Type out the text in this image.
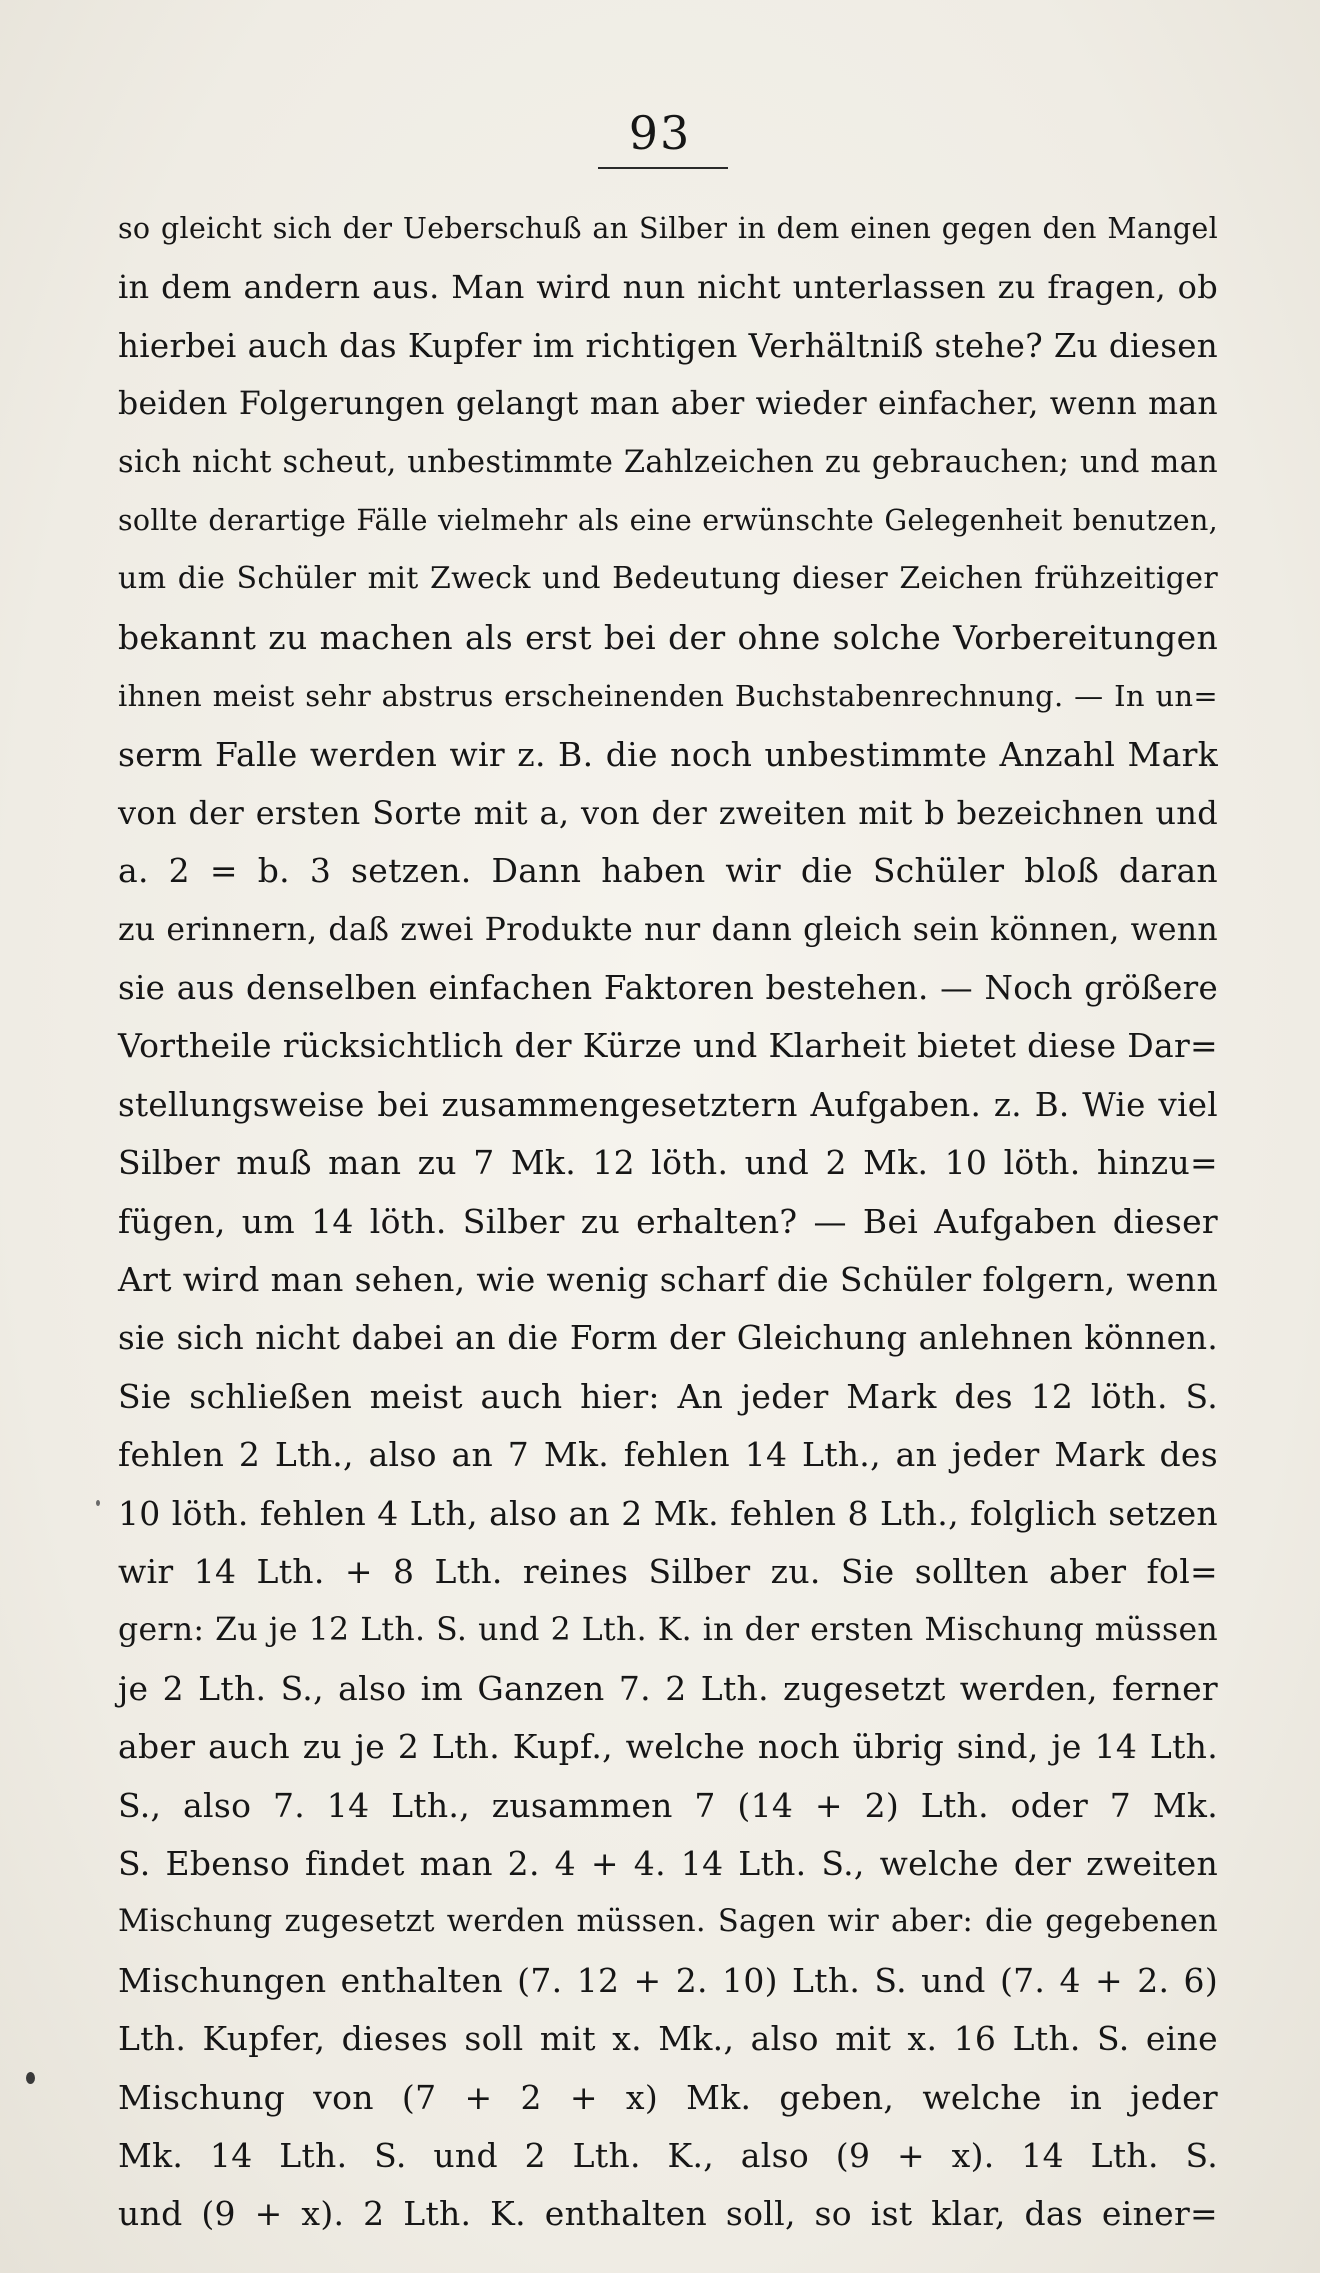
93
so gleicht sich der Ueberschuß an Silber in dem einen gegen den Mangel
in dem andern aus. Man wird nun nicht unterlassen zu fragen, ob
hierbei auch das Kupfer im richtigen Verhältniß stehe? Zu diesen
beiden Folgerungen gelangt man aber wieder einfacher, wenn man
sich nicht scheut, unbestimmte Zahlzeichen zu gebrauchen; und man
sollte derartige Fälle vielmehr als eine erwünschte Gelegenheit benutzen,
um die Schüler mit Zweck und Bedeutung dieser Zeichen frühzeitiger
bekannt zu machen als erst bei der ohne solche Vorbereitungen
ihnen meist sehr abstrus erscheinenden Buchstabenrechnung. — In un=
serm Falle werden wir z. B. die noch unbestimmte Anzahl Mark
von der ersten Sorte mit a, von der zweiten mit b bezeichnen und
a. 2 = b. 3 setzen. Dann haben wir die Schüler bloß daran
zu erinnern, daß zwei Produkte nur dann gleich sein können, wenn
sie aus denselben einfachen Faktoren bestehen. — Noch größere
Vortheile rücksichtlich der Kürze und Klarheit bietet diese Dar=
stellungsweise bei zusammengesetztern Aufgaben. z. B. Wie viel
Silber muß man zu 7 Mk. 12 löth. und 2 Mk. 10 löth. hinzu=
fügen, um 14 löth. Silber zu erhalten? — Bei Aufgaben dieser
Art wird man sehen, wie wenig scharf die Schüler folgern, wenn
sie sich nicht dabei an die Form der Gleichung anlehnen können.
Sie schließen meist auch hier: An jeder Mark des 12 löth. S.
fehlen 2 Lth., also an 7 Mk. fehlen 14 Lth., an jeder Mark des
10 löth. fehlen 4 Lth, also an 2 Mk. fehlen 8 Lth., folglich setzen
wir 14 Lth. + 8 Lth. reines Silber zu. Sie sollten aber fol=
gern: Zu je 12 Lth. S. und 2 Lth. K. in der ersten Mischung müssen
je 2 Lth. S., also im Ganzen 7. 2 Lth. zugesetzt werden, ferner
aber auch zu je 2 Lth. Kupf., welche noch übrig sind, je 14 Lth.
S., also 7. 14 Lth., zusammen 7 (14 + 2) Lth. oder 7 Mk.
S. Ebenso findet man 2. 4 + 4. 14 Lth. S., welche der zweiten
Mischung zugesetzt werden müssen. Sagen wir aber: die gegebenen
Mischungen enthalten (7. 12 + 2. 10) Lth. S. und (7. 4 + 2. 6)
Lth. Kupfer, dieses soll mit x. Mk., also mit x. 16 Lth. S. eine
Mischung von (7 + 2 + x) Mk. geben, welche in jeder
Mk. 14 Lth. S. und 2 Lth. K., also (9 + x). 14 Lth. S.
und (9 + x). 2 Lth. K. enthalten soll, so ist klar, das einer=
